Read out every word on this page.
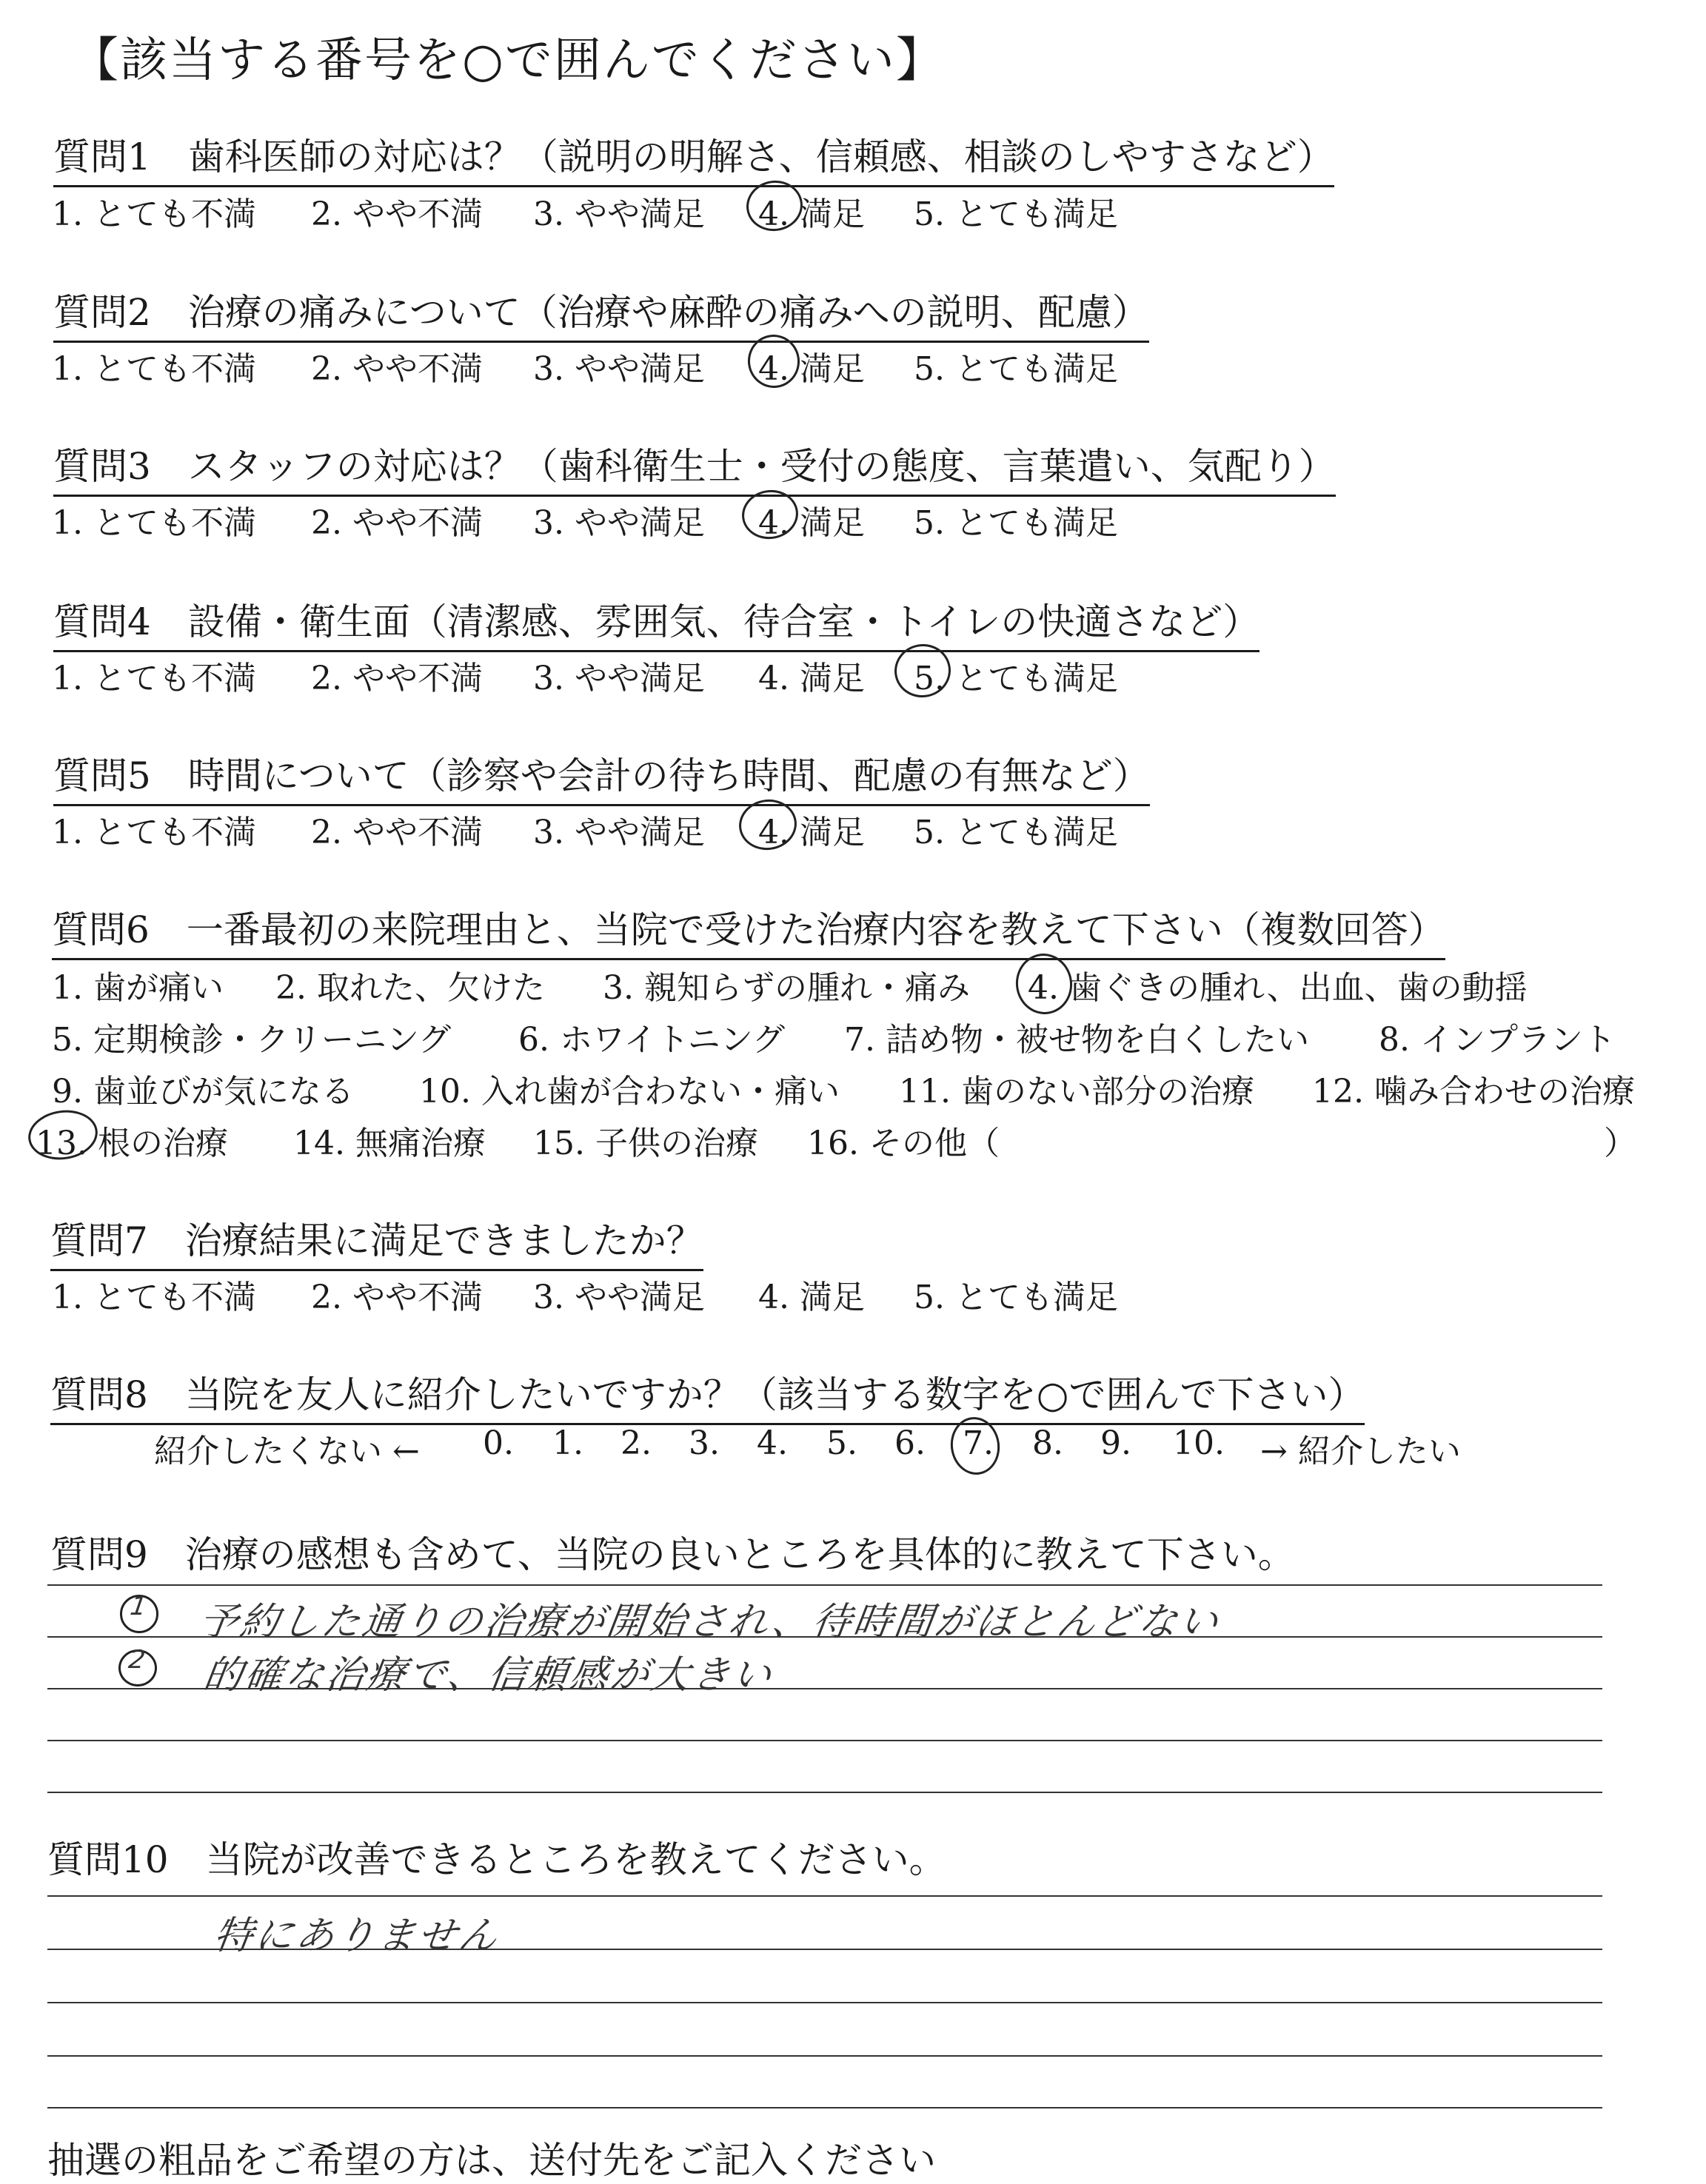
【該当する番号を○で囲んでください】
質問1　歯科医師の対応は？（説明の明解さ、信頼感、相談のしやすさなど）
1. とても不満 2. やや不満 3. やや満足 4. 満足 5. とても満足
質問2　治療の痛みについて（治療や麻酔の痛みへの説明、配慮）
1. とても不満 2. やや不満 3. やや満足 4. 満足 5. とても満足
質問3　スタッフの対応は？（歯科衛生士・受付の態度、言葉遣い、気配り）
1. とても不満 2. やや不満 3. やや満足 4. 満足 5. とても満足
質問4　設備・衛生面（清潔感、雰囲気、待合室・トイレの快適さなど）
1. とても不満 2. やや不満 3. やや満足 4. 満足 5. とても満足
質問5　時間について（診察や会計の待ち時間、配慮の有無など）
1. とても不満 2. やや不満 3. やや満足 4. 満足 5. とても満足
質問6　一番最初の来院理由と、当院で受けた治療内容を教えて下さい（複数回答）
1. 歯が痛い 2. 取れた、欠けた 3. 親知らずの腫れ・痛み 4. 歯ぐきの腫れ、出血、歯の動揺
5. 定期検診・クリーニング 6. ホワイトニング 7. 詰め物・被せ物を白くしたい 8. インプラント
9. 歯並びが気になる 10. 入れ歯が合わない・痛い 11. 歯のない部分の治療 12. 噛み合わせの治療
13. 根の治療 14. 無痛治療 15. 子供の治療 16. その他（	）
質問7　治療結果に満足できましたか？
1. とても不満 2. やや不満 3. やや満足 4. 満足 5. とても満足
質問8　当院を友人に紹介したいですか？（該当する数字を○で囲んで下さい）
紹介したくない ← 0. 1. 2. 3. 4. 5. 6. 7. 8. 9. 10. → 紹介したい
質問9　治療の感想も含めて、当院の良いところを具体的に教えて下さい。
1 予約した通りの治療が開始され、待時間がほとんどない
2 的確な治療で、信頼感が大きい
質問10　当院が改善できるところを教えてください。
特にありません
抽選の粗品をご希望の方は、送付先をご記入ください
